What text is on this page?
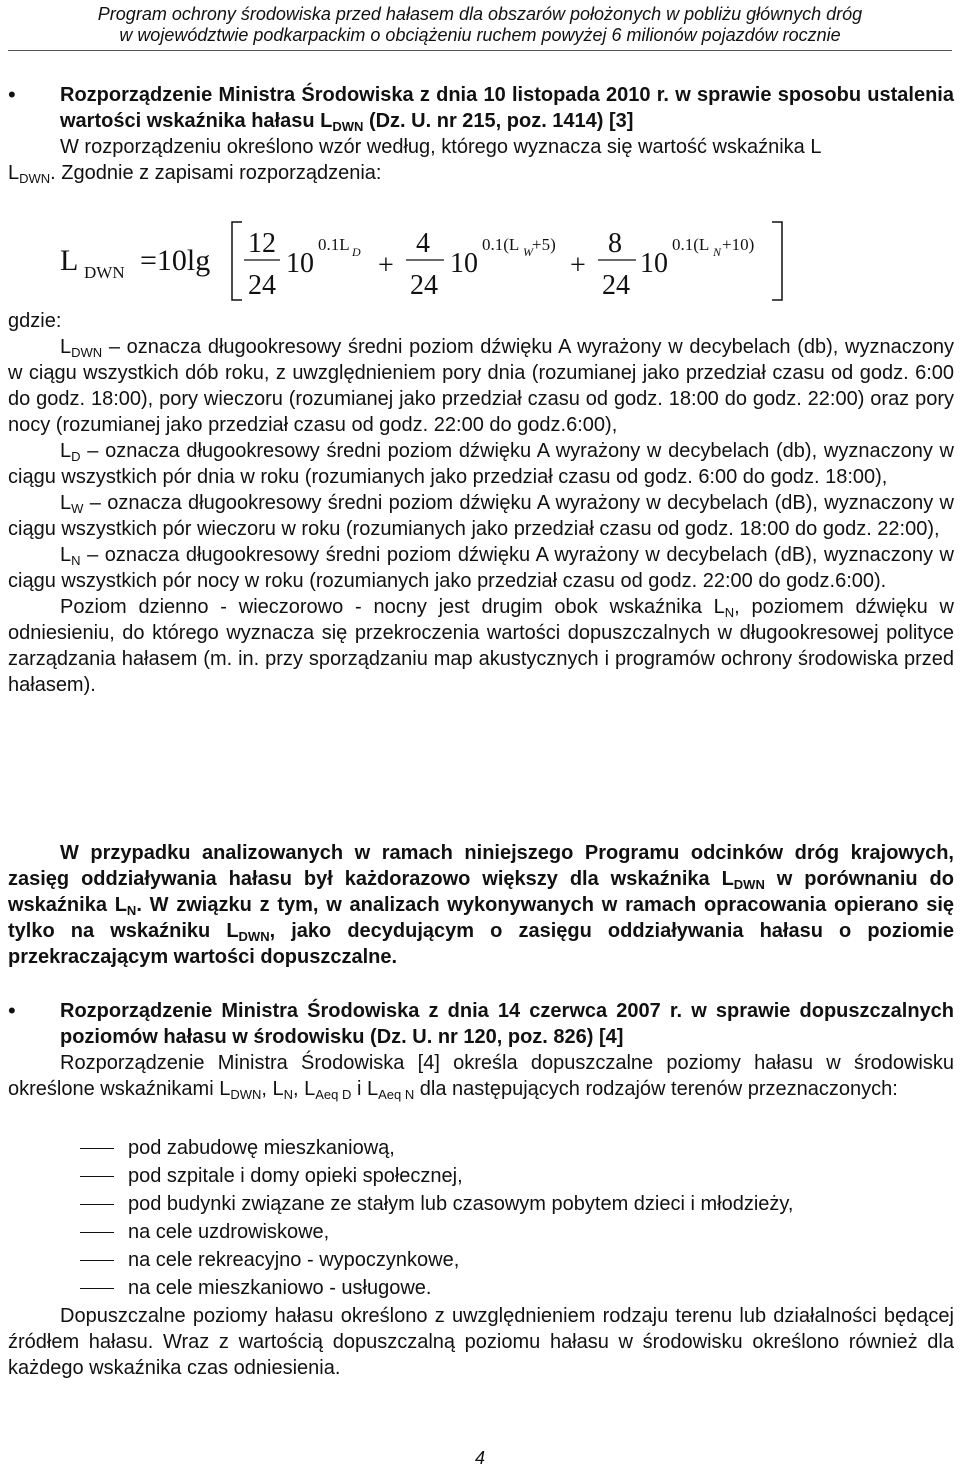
Program ochrony środowiska przed hałasem dla obszarów położonych w pobliżu głównych dróg
w województwie podkarpackim o obciążeniu ruchem powyżej 6 milionów pojazdów rocznie
• Rozporządzenie Ministra Środowiska z dnia 10 listopada 2010 r. w sprawie sposobu ustalenia wartości wskaźnika hałasu $L_{DWN}$ (Dz. U. nr 215, poz. 1414) [3]

W rozporządzeniu określono wzór według, którego wyznacza się wartość wskaźnika L

$L_{DWN}$. Zgodnie z zapisami rozporządzenia:

L DWN =10lg
12
24
10
0.1L D +
4
24
10
0.1(L W +5)
+
8
24
10
0.1(L N +10)

gdzie:

$L_{DWN}$ – oznacza długookresowy średni poziom dźwięku A wyrażony w decybelach (db), wyznaczony w ciągu wszystkich dób roku, z uwzględnieniem pory dnia (rozumianej jako przedział czasu od godz. 6:00 do godz. 18:00), pory wieczoru (rozumianej jako przedział czasu od godz. 18:00 do godz. 22:00) oraz pory nocy (rozumianej jako przedział czasu od godz. 22:00 do godz.6:00),

$L_D$ – oznacza długookresowy średni poziom dźwięku A wyrażony w decybelach (db), wyznaczony w ciągu wszystkich pór dnia w roku (rozumianych jako przedział czasu od godz. 6:00 do godz. 18:00),

$L_W$ – oznacza długookresowy średni poziom dźwięku A wyrażony w decybelach (dB), wyznaczony w ciągu wszystkich pór wieczoru w roku (rozumianych jako przedział czasu od godz. 18:00 do godz. 22:00),

$L_N$ – oznacza długookresowy średni poziom dźwięku A wyrażony w decybelach (dB), wyznaczony w ciągu wszystkich pór nocy w roku (rozumianych jako przedział czasu od godz. 22:00 do godz.6:00).

Poziom dzienno - wieczorowo - nocny jest drugim obok wskaźnika $L_N$, poziomem dźwięku w odniesieniu, do którego wyznacza się przekroczenia wartości dopuszczalnych w długookresowej polityce zarządzania hałasem (m. in. przy sporządzaniu map akustycznych i programów ochrony środowiska przed hałasem).

W przypadku analizowanych w ramach niniejszego Programu odcinków dróg krajowych, zasięg oddziaływania hałasu był każdorazowo większy dla wskaźnika $L_{DWN}$ w porównaniu do wskaźnika $L_N$. W związku z tym, w analizach wykonywanych w ramach opracowania opierano się tylko na wskaźniku $L_{DWN}$, jako decydującym o zasięgu oddziaływania hałasu o poziomie przekraczającym wartości dopuszczalne.

• Rozporządzenie Ministra Środowiska z dnia 14 czerwca 2007 r. w sprawie dopuszczalnych poziomów hałasu w środowisku (Dz. U. nr 120, poz. 826) [4]

Rozporządzenie Ministra Środowiska [4] określa dopuszczalne poziomy hałasu w środowisku określone wskaźnikami $L_{DWN}$, $L_N$, $L_{Aeq D}$ i $L_{Aeq N}$ dla następujących rodzajów terenów przeznaczonych:

pod zabudowę mieszkaniową,
pod szpitale i domy opieki społecznej,
pod budynki związane ze stałym lub czasowym pobytem dzieci i młodzieży,
na cele uzdrowiskowe,
na cele rekreacyjno - wypoczynkowe,
na cele mieszkaniowo - usługowe.

Dopuszczalne poziomy hałasu określono z uwzględnieniem rodzaju terenu lub działalności będącej źródłem hałasu. Wraz z wartością dopuszczalną poziomu hałasu w środowisku określono również dla każdego wskaźnika czas odniesienia.

4
